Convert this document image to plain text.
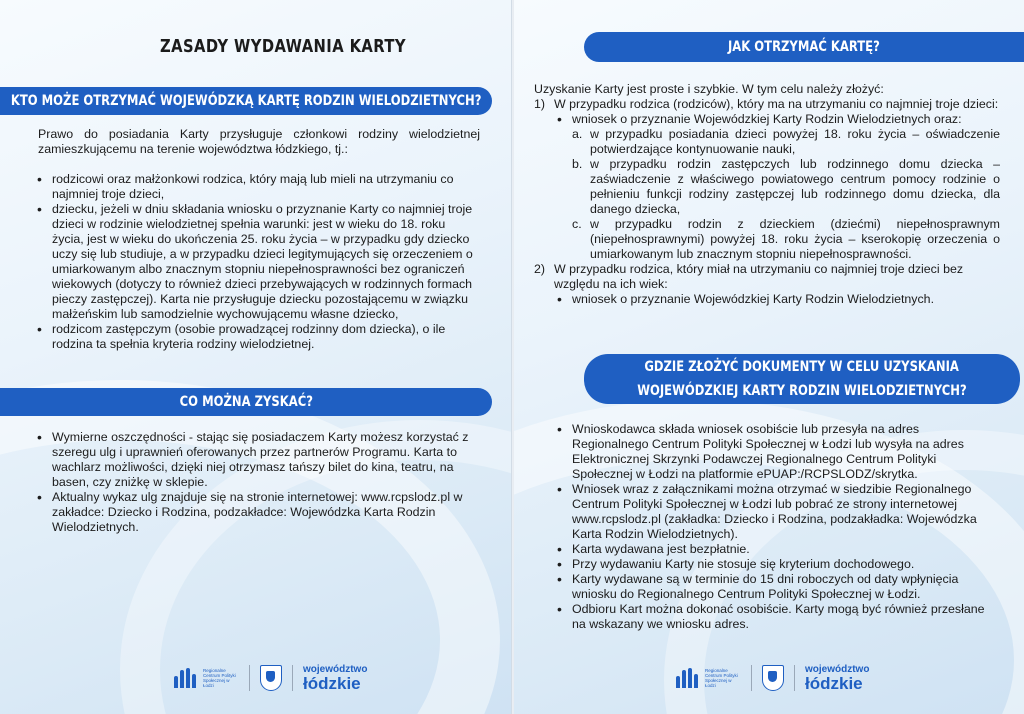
ZASADY WYDAWANIA KARTY
KTO MOŻE OTRZYMAĆ WOJEWÓDZKĄ KARTĘ RODZIN WIELODZIETNYCH?
Prawo do posiadania Karty przysługuje członkowi rodziny wielodzietnej zamieszkującemu na terenie województwa łódzkiego, tj.:
• rodzicowi oraz małżonkowi rodzica, który mają lub mieli na utrzymaniu co najmniej troje dzieci,
• dziecku, jeżeli w dniu składania wniosku o przyznanie Karty co najmniej troje dzieci w rodzinie wielodzietnej spełnia warunki: jest w wieku do 18. roku życia, jest w wieku do ukończenia 25. roku życia – w przypadku gdy dziecko uczy się lub studiuje, a w przypadku dzieci legitymujących się orzeczeniem o umiarkowanym albo znacznym stopniu niepełnosprawności bez ograniczeń wiekowych (dotyczy to również dzieci przebywających w rodzinnych formach pieczy zastępczej). Karta nie przysługuje dziecku pozostającemu w związku małżeńskim lub samodzielnie wychowującemu własne dziecko,
• rodzicom zastępczym (osobie prowadzącej rodzinny dom dziecka), o ile rodzina ta spełnia kryteria rodziny wielodzietnej.
CO MOŻNA ZYSKAĆ?
• Wymierne oszczędności - stając się posiadaczem Karty możesz korzystać z szeregu ulg i uprawnień oferowanych przez partnerów Programu. Karta to wachlarz możliwości, dzięki niej otrzymasz tańszy bilet do kina, teatru, na basen, czy zniżkę w sklepie.
• Aktualny wykaz ulg znajduje się na stronie internetowej: www.rcpslodz.pl w zakładce: Dziecko i Rodzina, podzakładce: Wojewódzka Karta Rodzin Wielodzietnych.
Regionalne Centrum Polityki Społecznej w Łodzi
województwo
łódzkie
JAK OTRZYMAĆ KARTĘ?
Uzyskanie Karty jest proste i szybkie. W tym celu należy złożyć:
1) W przypadku rodzica (rodziców), który ma na utrzymaniu co najmniej troje dzieci:
• wniosek o przyznanie Wojewódzkiej Karty Rodzin Wielodzietnych oraz:
a. w przypadku posiadania dzieci powyżej 18. roku życia – oświadczenie potwierdzające kontynuowanie nauki,
b. w przypadku rodzin zastępczych lub rodzinnego domu dziecka – zaświadczenie z właściwego powiatowego centrum pomocy rodzinie o pełnieniu funkcji rodziny zastępczej lub rodzinnego domu dziecka, dla danego dziecka,
c. w przypadku rodzin z dzieckiem (dziećmi) niepełnosprawnym (niepełnosprawnymi) powyżej 18. roku życia – kserokopię orzeczenia o umiarkowanym lub znacznym stopniu niepełnosprawności.
2) W przypadku rodzica, który miał na utrzymaniu co najmniej troje dzieci bez względu na ich wiek:
• wniosek o przyznanie Wojewódzkiej Karty Rodzin Wielodzietnych.
GDZIE ZŁOŻYĆ DOKUMENTY W CELU UZYSKANIA
WOJEWÓDZKIEJ KARTY RODZIN WIELODZIETNYCH?
• Wnioskodawca składa wniosek osobiście lub przesyła na adres Regionalnego Centrum Polityki Społecznej w Łodzi lub wysyła na adres Elektronicznej Skrzynki Podawczej Regionalnego Centrum Polityki Społecznej w Łodzi na platformie ePUAP:/RCPSLODZ/skrytka.
• Wniosek wraz z załącznikami można otrzymać w siedzibie Regionalnego Centrum Polityki Społecznej w Łodzi lub pobrać ze strony internetowej www.rcpslodz.pl (zakładka: Dziecko i Rodzina, podzakładka: Wojewódzka Karta Rodzin Wielodzietnych).
• Karta wydawana jest bezpłatnie.
• Przy wydawaniu Karty nie stosuje się kryterium dochodowego.
• Karty wydawane są w terminie do 15 dni roboczych od daty wpłynięcia wniosku do Regionalnego Centrum Polityki Społecznej w Łodzi.
• Odbioru Kart można dokonać osobiście. Karty mogą być również przesłane na wskazany we wniosku adres.
Regionalne Centrum Polityki Społecznej w Łodzi
województwo
łódzkie
